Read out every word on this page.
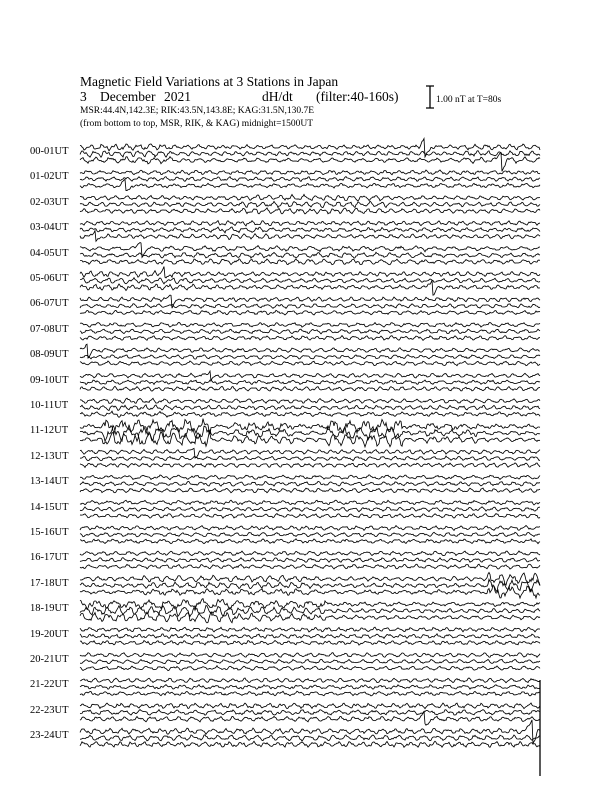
Magnetic Field Variations at 3 Stations in Japan
3 December 2021	dH/dt (filter:40-160s)
MSR:44.4N,142.3E; RIK:43.5N,143.8E; KAG:31.5N,130.7E
(from bottom to top, MSR, RIK, & KAG) midnight=1500UT
1.00 nT at T=80s
00-01UT
01-02UT
02-03UT
03-04UT
04-05UT
05-06UT
06-07UT
07-08UT
08-09UT
09-10UT
10-11UT
11-12UT
12-13UT
13-14UT
14-15UT
15-16UT
16-17UT
17-18UT
18-19UT
19-20UT
20-21UT
21-22UT
22-23UT
23-24UT
